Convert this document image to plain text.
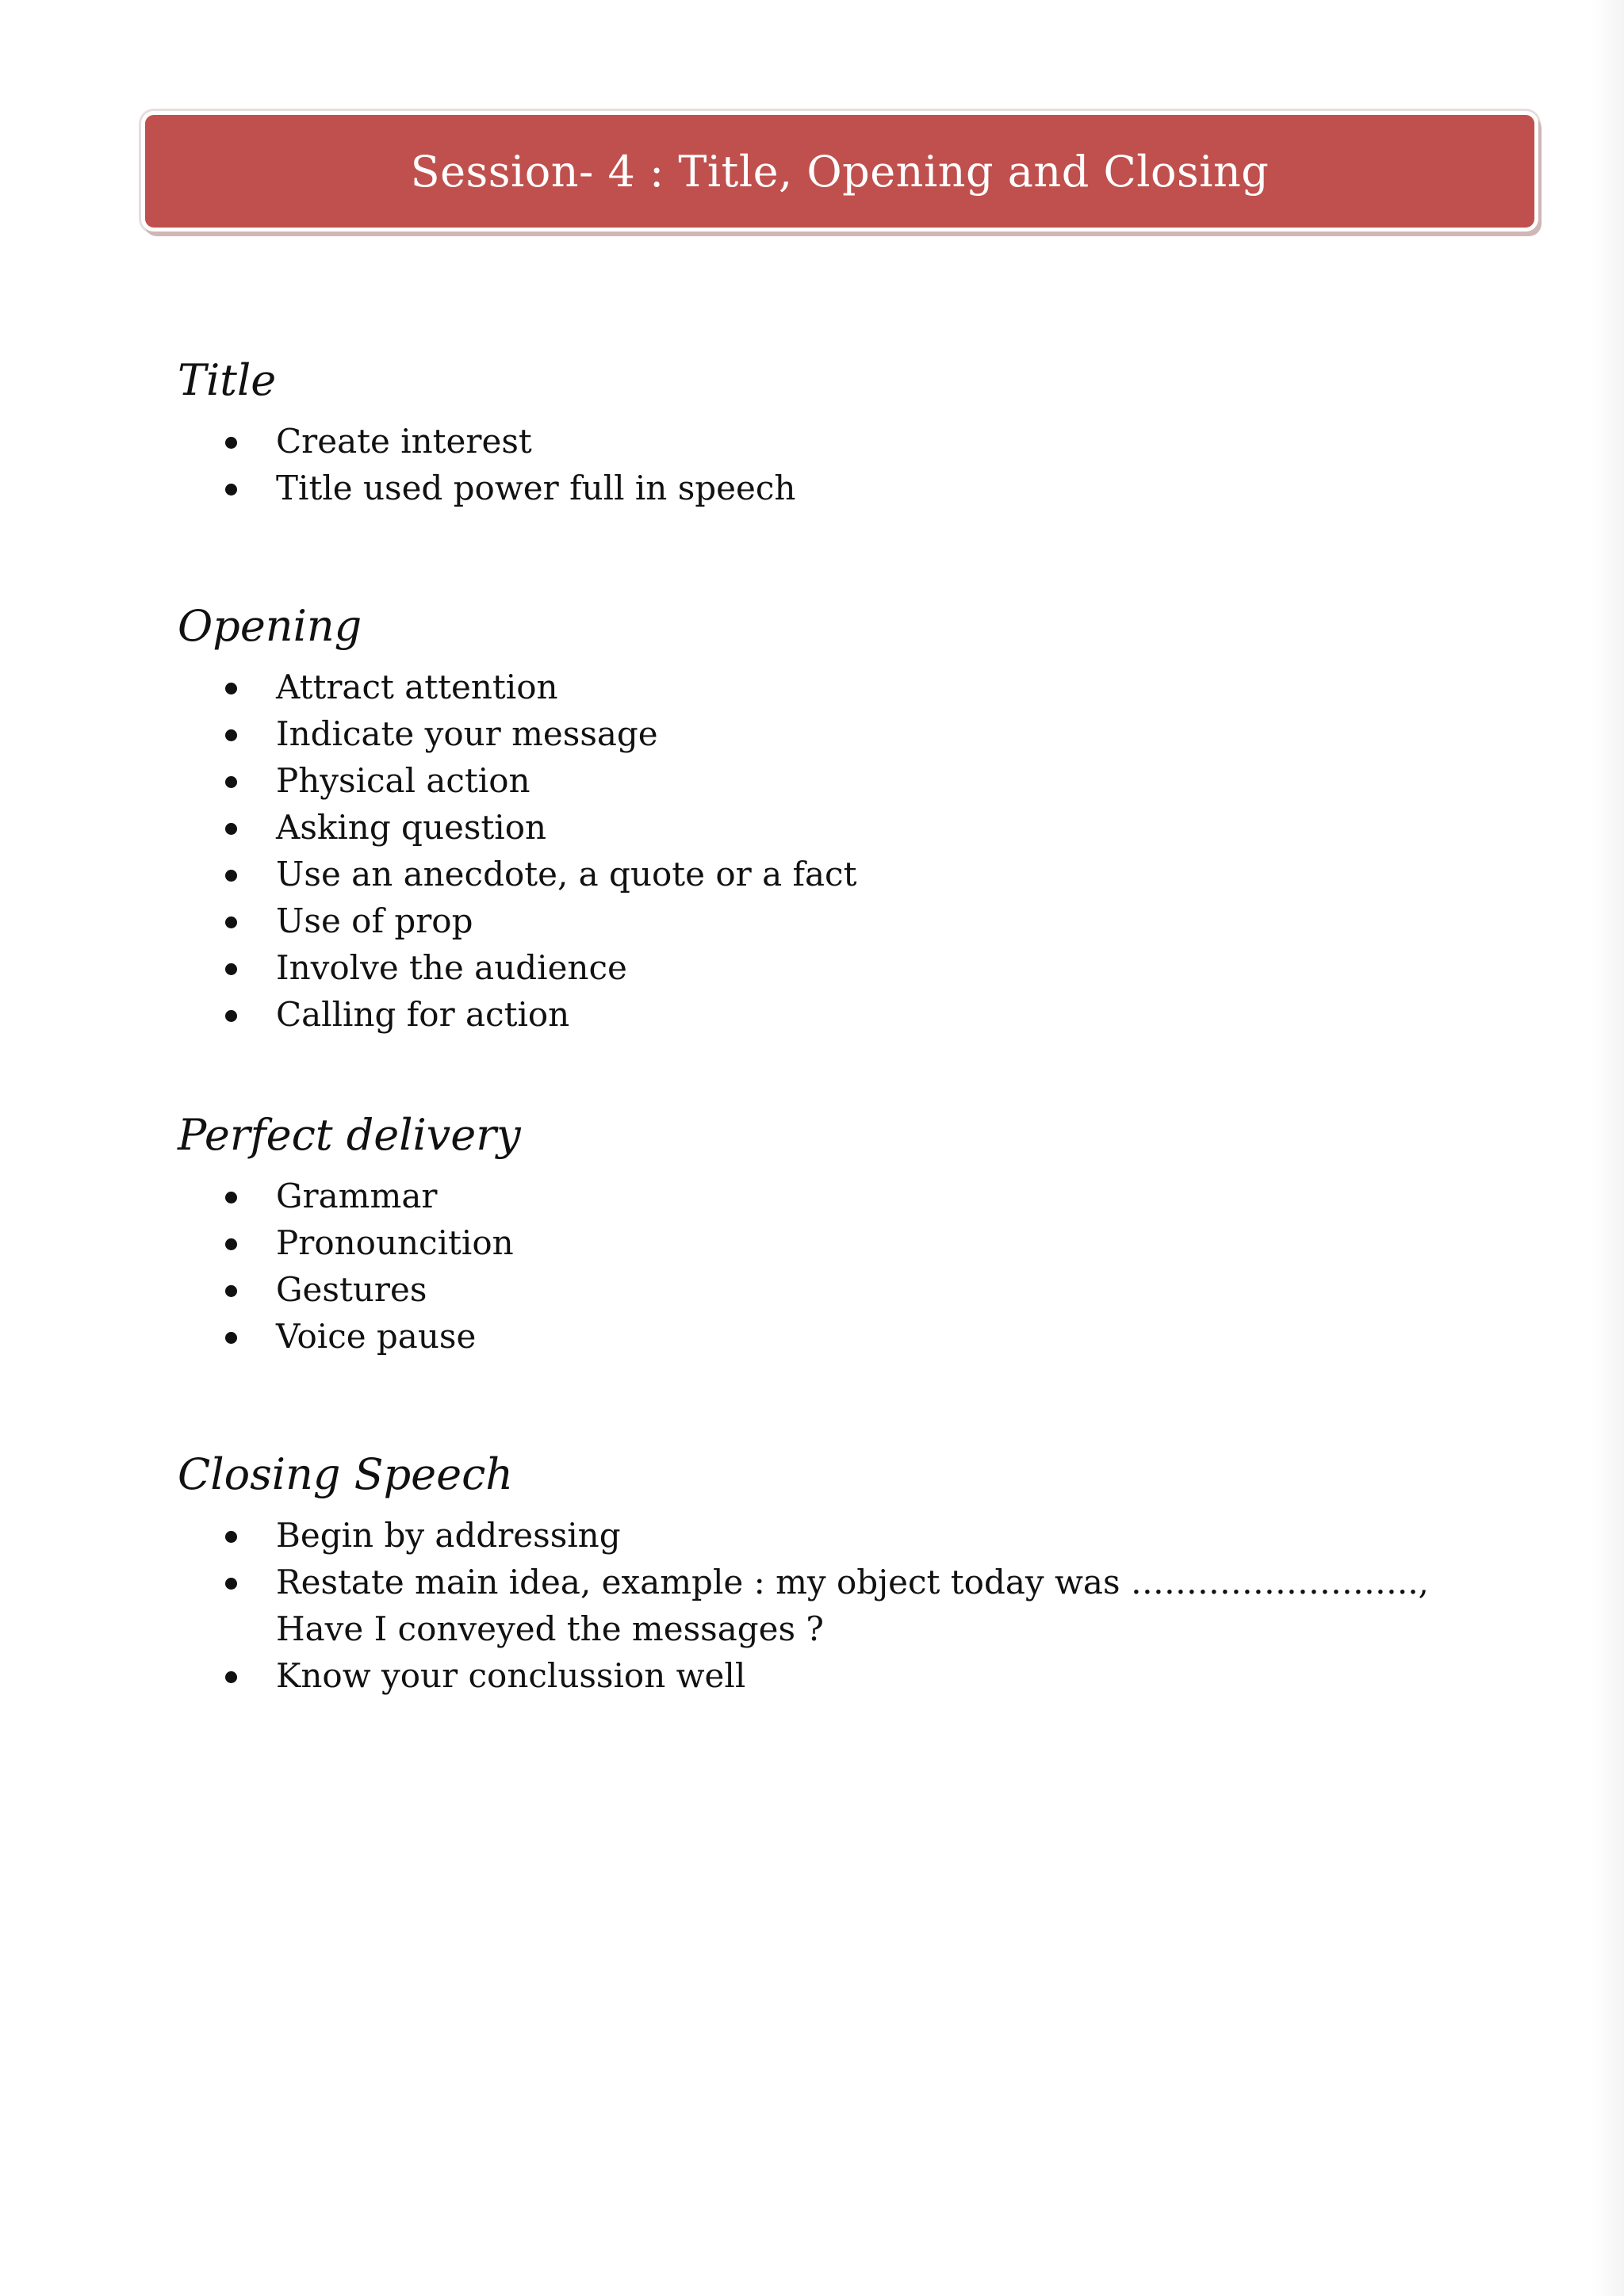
Session- 4 : Title, Opening and Closing
Title
Create interest
Title used power full in speech
Opening
Attract attention
Indicate your message
Physical action
Asking question
Use an anecdote, a quote or a fact
Use of prop
Involve the audience
Calling for action
Perfect delivery
Grammar
Pronouncition
Gestures
Voice pause
Closing Speech
Begin by addressing
Restate main idea, example : my object today was ……………………..,
Have I conveyed the messages ?
Know your conclussion well
